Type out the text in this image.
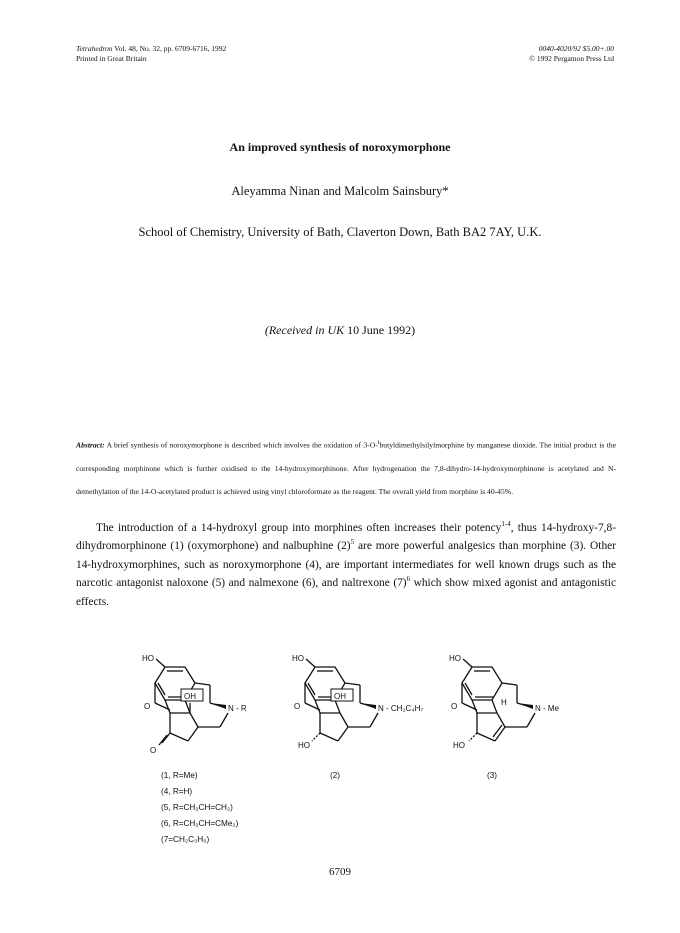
Tetrahedron Vol. 48, No. 32, pp. 6709-6716, 1992
Printed in Great Britain
0040-4020/92 $5.00+.00
© 1992 Pergamon Press Ltd
An improved synthesis of noroxymorphone
Aleyamma Ninan and Malcolm Sainsbury*
School of Chemistry, University of Bath, Claverton Down, Bath BA2 7AY, U.K.
(Received in UK 10 June 1992)
Abstract: A brief synthesis of noroxymorphone is described which involves the oxidation of 3-O-$^t$butyldimethylsilylmorphine by manganese dioxide. The initial product is the corresponding morphinone which is further oxidised to the 14-hydroxymorphinone. After hydrogenation the 7,8-dihydro-14-hydroxymorphinone is acetylated and N-demethylation of the 14-O-acetylated product is achieved using vinyl chloroformate as the reagent. The overall yield from morphine is 40-45%.
The introduction of a 14-hydroxyl group into morphines often increases their potency$^{1-4}$, thus 14-hydroxy-7,8-dihydromorphinone (1) (oxymorphone) and nalbuphine $(2)^5$ are more powerful analgesics than morphine (3). Other 14-hydroxymorphines, such as noroxymorphone (4), are important intermediates for well known drugs such as the narcotic antagonist naloxone (5) and nalmexone (6), and naltrexone $(7)^6$ which show mixed agonist and antagonistic effects.
HO
O
OH
N - R
O
HO
O
OH
N - CH₂C₄H₇
HO
HO
O	H
N - Me
HO
(1, R=Me)
(4, R=H)
(5, R=CH₂CH=CH₂)
(6, R=CH₂CH=CMe₂)
(7=CH₂C₃H₅)
(2)	(3)
6709
